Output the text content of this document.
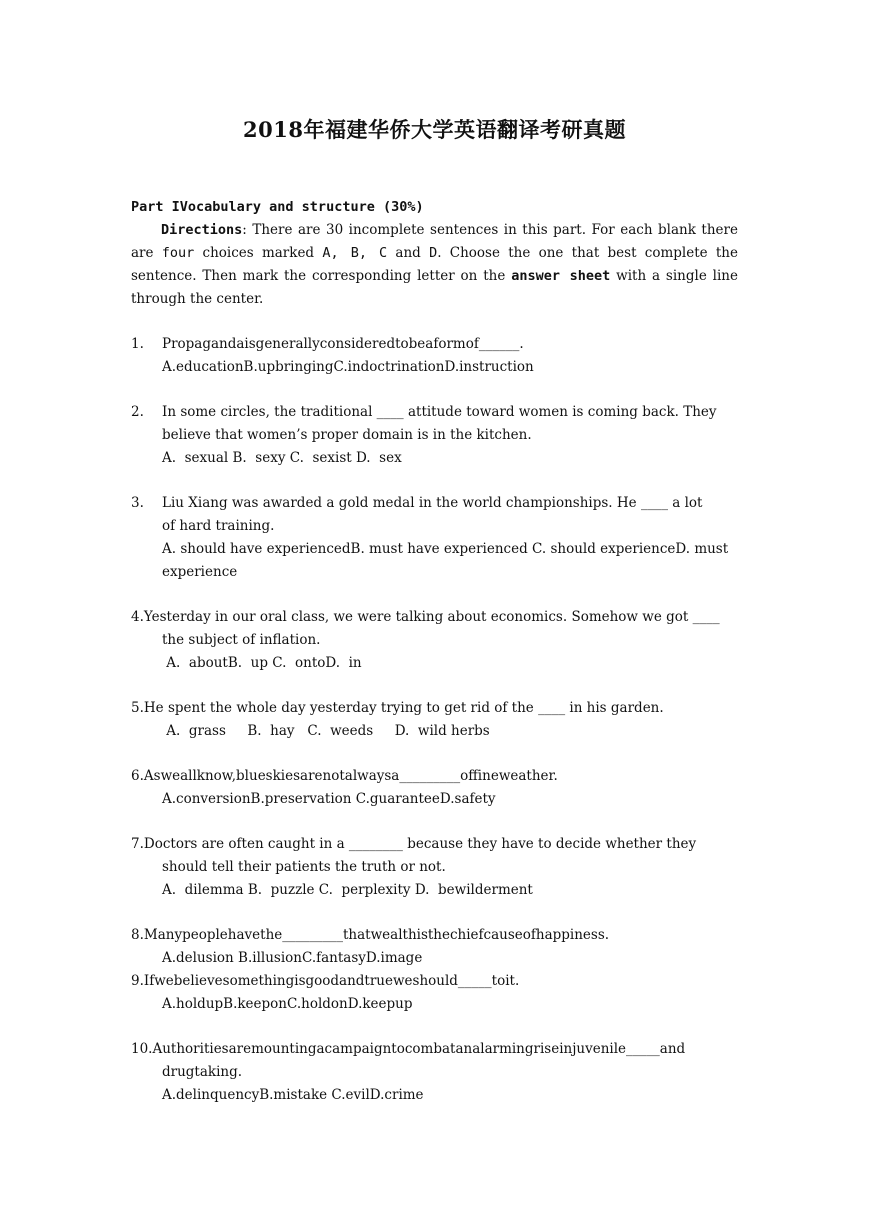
2018年福建华侨大学英语翻译考研真题
Part IVocabulary and structure (30%)
Directions: There are 30 incomplete sentences in this part. For each blank there are four choices marked A, B, C and D. Choose the one that best complete the sentence. Then mark the corresponding letter on the answer sheet with a single line through the center.
1.	Propagandaisgenerallyconsideredtobeaformof______.
A.educationB.upbringingC.indoctrinationD.instruction
2.	In some circles, the traditional ____ attitude toward women is coming back. They
believe that women’s proper domain is in the kitchen.
A.  sexual B.  sexy C.  sexist D.  sex
3.	Liu Xiang was awarded a gold medal in the world championships. He ____ a lot
of hard training.
A. should have experiencedB. must have experienced C. should experienceD. must
experience
4. Yesterday in our oral class, we were talking about economics. Somehow we got ____
the subject of inflation.
A.  aboutB.  up C.  ontoD.  in
5. He spent the whole day yesterday trying to get rid of the ____ in his garden.
A.  grass     B.  hay   C.  weeds     D.  wild herbs
6. Asweallknow,blueskiesarenotalwaysa_________offineweather.
A.conversionB.preservation C.guaranteeD.safety
7. Doctors are often caught in a ________ because they have to decide whether they
should tell their patients the truth or not.
A.  dilemma B.  puzzle C.  perplexity D.  bewilderment
8. Manypeoplehavethe_________thatwealthisthechiefcauseofhappiness.
A.delusion B.illusionC.fantasyD.image
9. Ifwebelievesomethingisgoodandtrueweshould_____toit.
A.holdupB.keeponC.holdonD.keepup
10. Authoritiesaremountingacampaigntocombatanalarmingriseinjuvenile_____and
drugtaking.
A.delinquencyB.mistake C.evilD.crime
